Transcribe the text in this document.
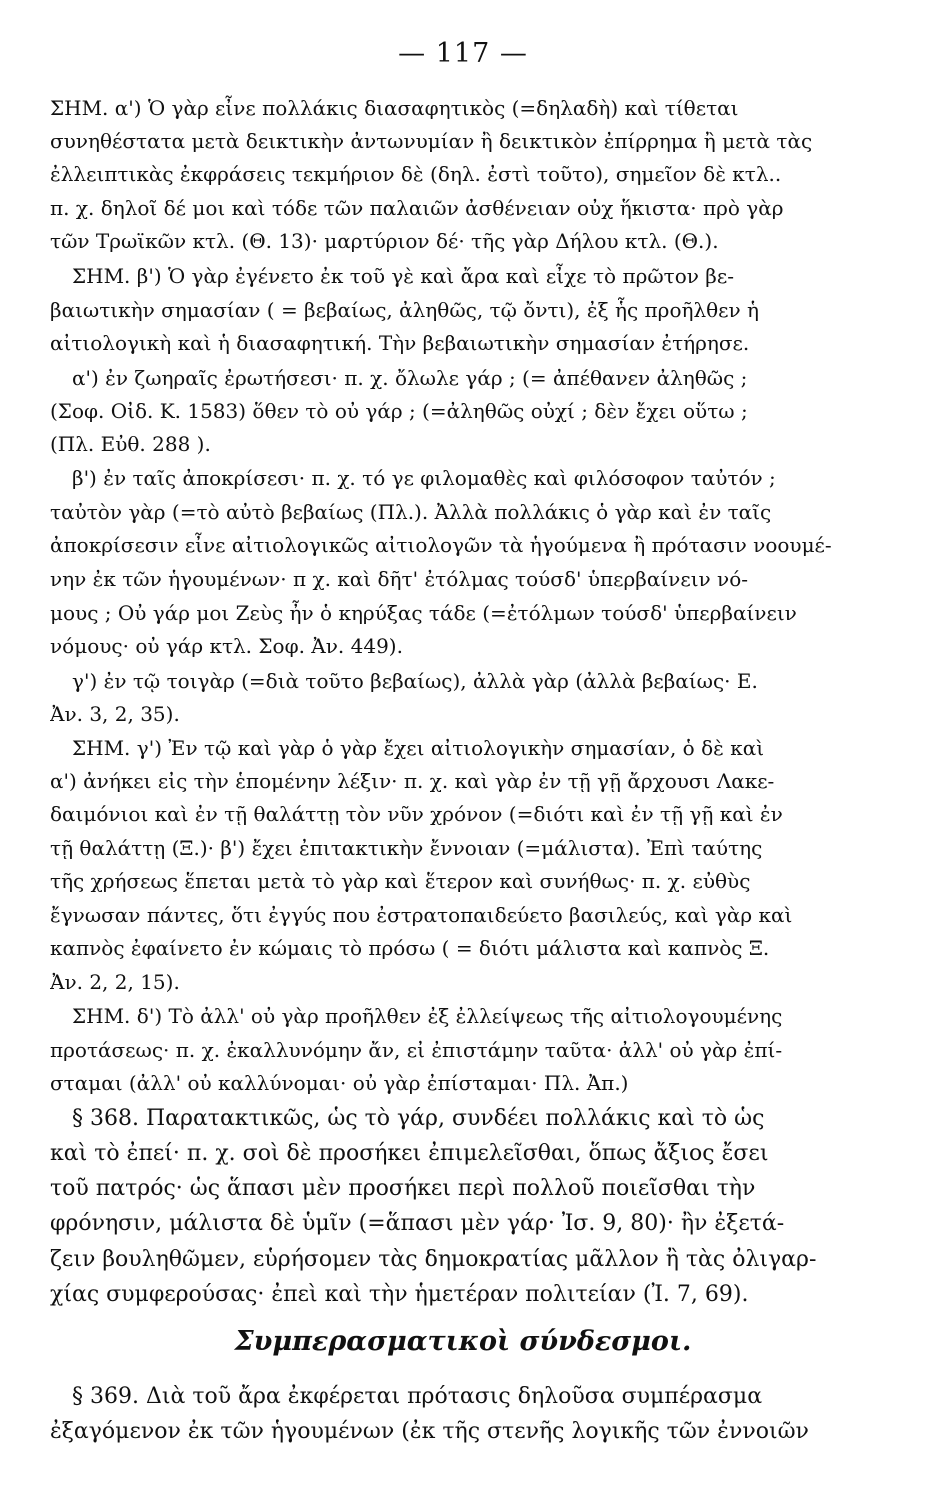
— 117 —
ΣΗΜ. α') Ὁ γὰρ εἶνε πολλάκις διασαφητικὸς (=δηλαδὴ) καὶ τίθεται
συνηθέστατα μετὰ δεικτικὴν ἀντωνυμίαν ἢ δεικτικὸν ἐπίρρημα ἢ μετὰ τὰς
ἐλλειπτικὰς ἐκφράσεις τεκμήριον δὲ (δηλ. ἐστὶ τοῦτο), σημεῖον δὲ κτλ..
π. χ. δηλοῖ δέ μοι καὶ τόδε τῶν παλαιῶν ἀσθένειαν οὐχ ἥκιστα· πρὸ γὰρ
τῶν Τρωϊκῶν κτλ. (Θ. 13)· μαρτύριον δέ· τῆς γὰρ Δήλου κτλ. (Θ.).
ΣΗΜ. β') Ὁ γὰρ ἐγένετο ἐκ τοῦ γὲ καὶ ἄρα καὶ εἶχε τὸ πρῶτον βε-
βαιωτικὴν σημασίαν ( = βεβαίως, ἀληθῶς, τῷ ὄντι), ἐξ ἧς προῆλθεν ἡ
αἰτιολογικὴ καὶ ἡ διασαφητική. Τὴν βεβαιωτικὴν σημασίαν ἐτήρησε.
α') ἐν ζωηραῖς ἐρωτήσεσι· π. χ. ὄλωλε γάρ ; (= ἀπέθανεν ἀληθῶς ;
(Σοφ. Οἰδ. Κ. 1583) ὅθεν τὸ οὐ γάρ ; (=ἀληθῶς οὐχί ; δὲν ἔχει οὕτω ;
(Πλ. Εὐθ. 288 ).
β') ἐν ταῖς ἀποκρίσεσι· π. χ. τό γε φιλομαθὲς καὶ φιλόσοφον ταὐτόν ;
ταὐτὸν γὰρ (=τὸ αὐτὸ βεβαίως (Πλ.). Ἀλλὰ πολλάκις ὁ γὰρ καὶ ἐν ταῖς
ἀποκρίσεσιν εἶνε αἰτιολογικῶς αἰτιολογῶν τὰ ἡγούμενα ἢ πρότασιν νοουμέ-
νην ἐκ τῶν ἡγουμένων· π χ. καὶ δῆτ' ἐτόλμας τούσδ' ὑπερβαίνειν νό-
μους ; Οὐ γάρ μοι Ζεὺς ἦν ὁ κηρύξας τάδε (=ἐτόλμων τούσδ' ὑπερβαίνειν
νόμους· οὐ γάρ κτλ. Σοφ. Ἀν. 449).
γ') ἐν τῷ τοιγὰρ (=διὰ τοῦτο βεβαίως), ἀλλὰ γὰρ (ἀλλὰ βεβαίως· Ε.
Ἀν. 3, 2, 35).
ΣΗΜ. γ') Ἐν τῷ καὶ γὰρ ὁ γὰρ ἔχει αἰτιολογικὴν σημασίαν, ὁ δὲ καὶ
α') ἀνήκει εἰς τὴν ἑπομένην λέξιν· π. χ. καὶ γὰρ ἐν τῇ γῇ ἄρχουσι Λακε-
δαιμόνιοι καὶ ἐν τῇ θαλάττῃ τὸν νῦν χρόνον (=διότι καὶ ἐν τῇ γῇ καὶ ἐν
τῇ θαλάττῃ (Ξ.)· β') ἔχει ἐπιτακτικὴν ἔννοιαν (=μάλιστα). Ἐπὶ ταύτης
τῆς χρήσεως ἕπεται μετὰ τὸ γὰρ καὶ ἕτερον καὶ συνήθως· π. χ. εὐθὺς
ἔγνωσαν πάντες, ὅτι ἐγγύς που ἐστρατοπαιδεύετο βασιλεύς, καὶ γὰρ καὶ
καπνὸς ἐφαίνετο ἐν κώμαις τὸ πρόσω ( = διότι μάλιστα καὶ καπνὸς Ξ.
Ἀν. 2, 2, 15).
ΣΗΜ. δ') Τὸ ἀλλ' οὐ γὰρ προῆλθεν ἐξ ἐλλείψεως τῆς αἰτιολογουμένης
προτάσεως· π. χ. ἐκαλλυνόμην ἄν, εἰ ἐπιστάμην ταῦτα· ἀλλ' οὐ γὰρ ἐπί-
σταμαι (ἀλλ' οὐ καλλύνομαι· οὐ γὰρ ἐπίσταμαι· Πλ. Ἀπ.)
§ 368. Παρατακτικῶς, ὡς τὸ γάρ, συνδέει πολλάκις καὶ τὸ ὡς
καὶ τὸ ἐπεί· π. χ. σοὶ δὲ προσήκει ἐπιμελεῖσθαι, ὅπως ἄξιος ἔσει
τοῦ πατρός· ὡς ἅπασι μὲν προσήκει περὶ πολλοῦ ποιεῖσθαι τὴν
φρόνησιν, μάλιστα δὲ ὑμῖν (=ἅπασι μὲν γάρ· Ἰσ. 9, 80)· ἢν ἐξετά-
ζειν βουληθῶμεν, εὑρήσομεν τὰς δημοκρατίας μᾶλλον ἢ τὰς ὀλιγαρ-
χίας συμφερούσας· ἐπεὶ καὶ τὴν ἡμετέραν πολιτείαν (Ἰ. 7, 69).
Συμπερασματικοὶ σύνδεσμοι.
§ 369. Διὰ τοῦ ἄρα ἐκφέρεται πρότασις δηλοῦσα συμπέρασμα
ἐξαγόμενον ἐκ τῶν ἡγουμένων (ἐκ τῆς στενῆς λογικῆς τῶν ἐννοιῶν
